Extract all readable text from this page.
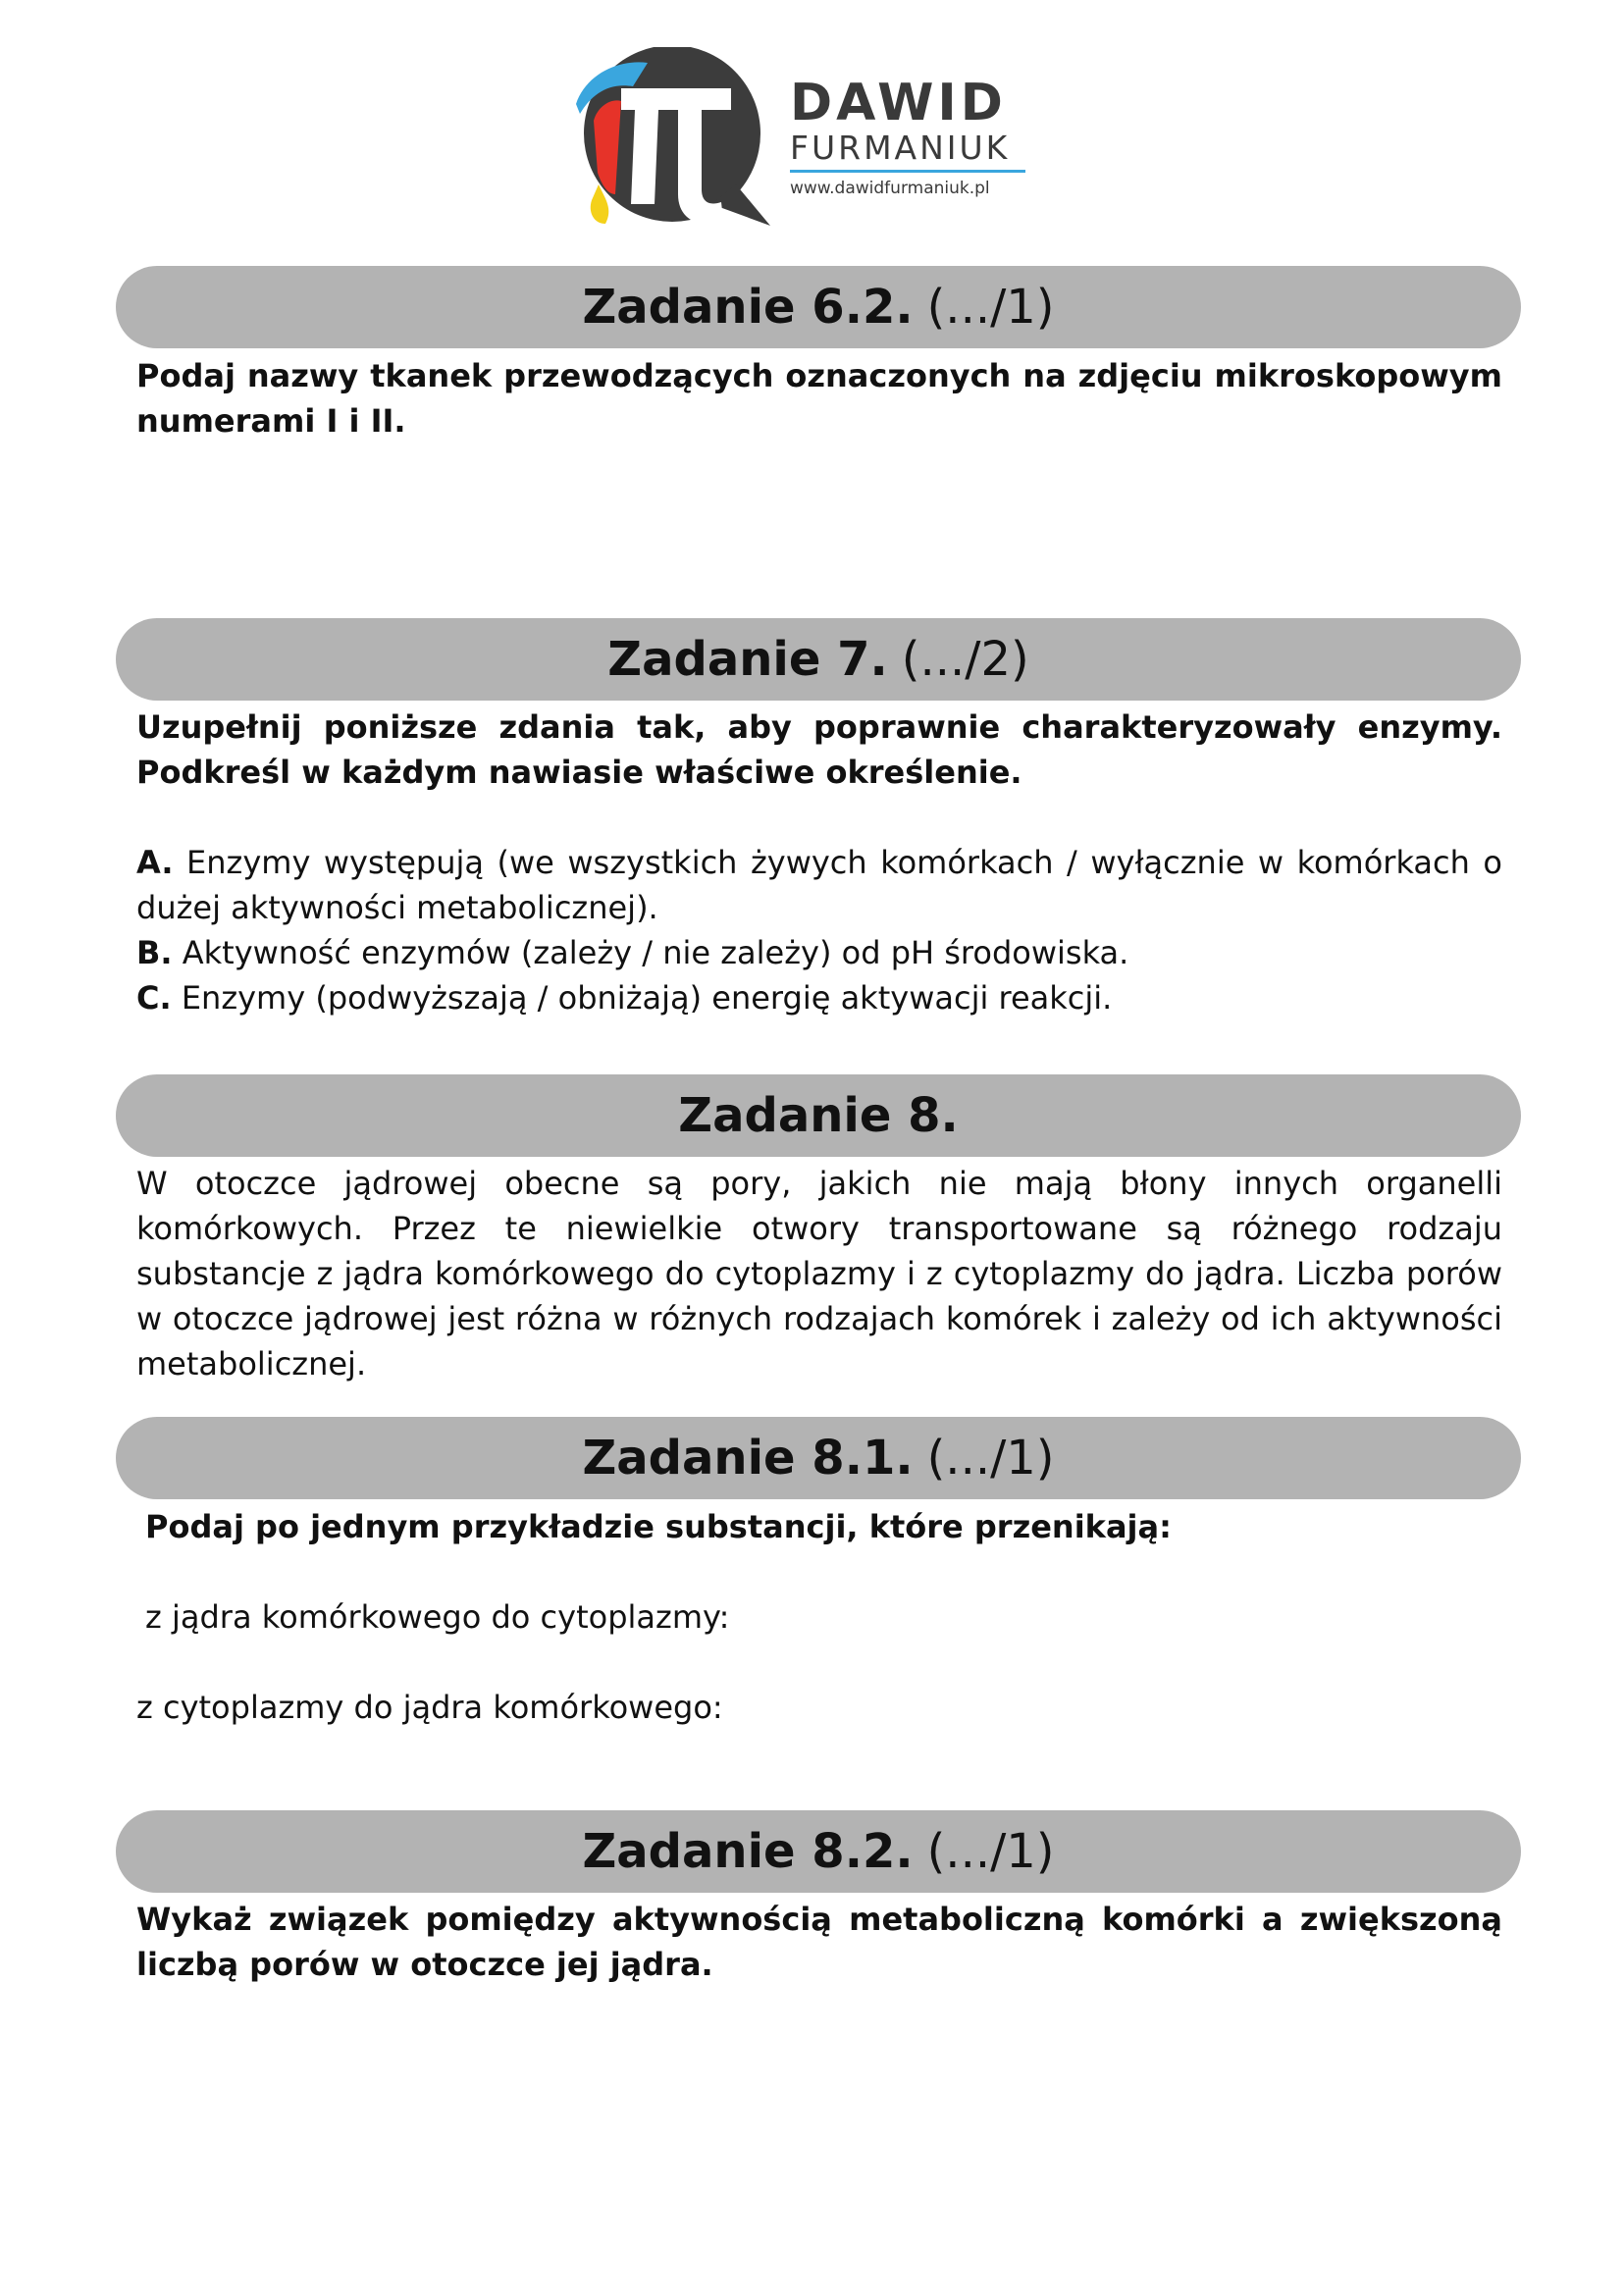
DAWID
FURMANIUK
www.dawidfurmaniuk.pl
Zadanie 6.2. (.../1)
Podaj nazwy tkanek przewodzących oznaczonych na zdjęciu mikroskopowym numerami I i II.
Zadanie 7. (.../2)
Uzupełnij poniższe zdania tak, aby poprawnie charakteryzowały enzymy. Podkreśl w każdym nawiasie właściwe określenie.
A. Enzymy występują (we wszystkich żywych komórkach / wyłącznie w komórkach o dużej aktywności metabolicznej).
B. Aktywność enzymów (zależy / nie zależy) od pH środowiska.
C. Enzymy (podwyższają / obniżają) energię aktywacji reakcji.
Zadanie 8.
W otoczce jądrowej obecne są pory, jakich nie mają błony innych organelli komórkowych. Przez te niewielkie otwory transportowane są różnego rodzaju substancje z jądra komórkowego do cytoplazmy i z cytoplazmy do jądra. Liczba porów w otoczce jądrowej jest różna w różnych rodzajach komórek i zależy od ich aktywności metabolicznej.
Zadanie 8.1. (.../1)
Podaj po jednym przykładzie substancji, które przenikają:
z jądra komórkowego do cytoplazmy:
z cytoplazmy do jądra komórkowego:
Zadanie 8.2. (.../1)
Wykaż związek pomiędzy aktywnością metaboliczną komórki a zwiększoną liczbą porów w otoczce jej jądra.
